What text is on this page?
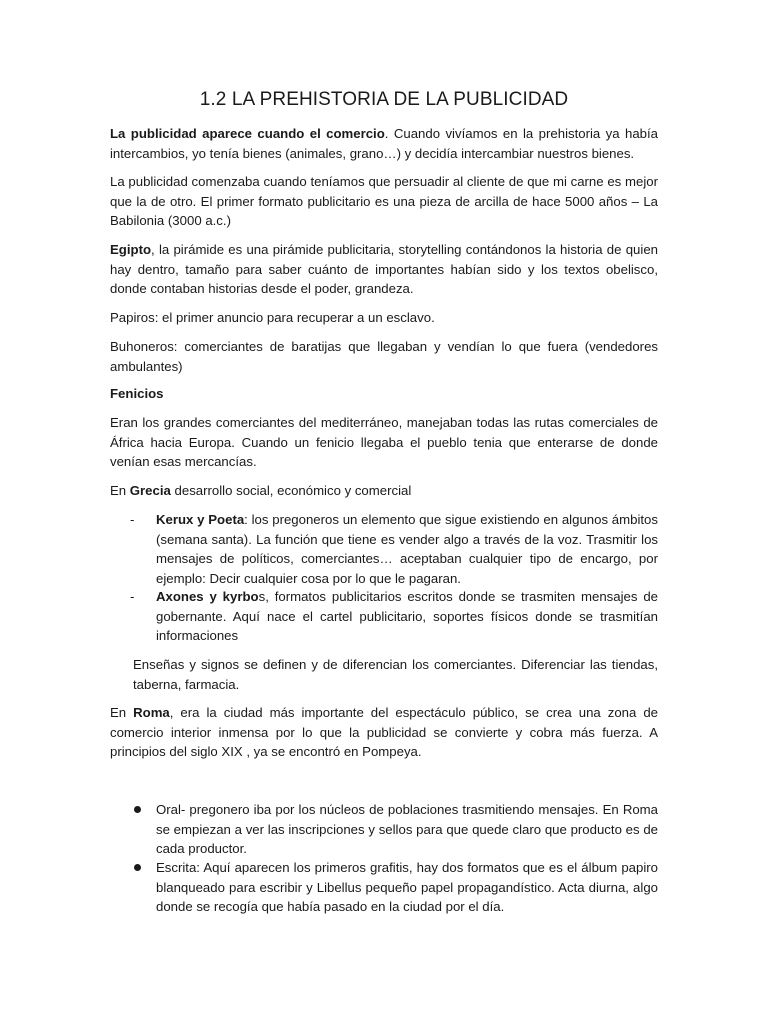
1.2 LA PREHISTORIA DE LA PUBLICIDAD

La publicidad aparece cuando el comercio. Cuando vivíamos en la prehistoria ya había intercambios, yo tenía bienes (animales, grano…) y decidía intercambiar nuestros bienes.

La publicidad comenzaba cuando teníamos que persuadir al cliente de que mi carne es mejor que la de otro. El primer formato publicitario es una pieza de arcilla de hace 5000 años – La Babilonia (3000 a.c.)

Egipto, la pirámide es una pirámide publicitaria, storytelling contándonos la historia de quien hay dentro, tamaño para saber cuánto de importantes habían sido y los textos obelisco, donde contaban historias desde el poder, grandeza.

Papiros: el primer anuncio para recuperar a un esclavo.

Buhoneros: comerciantes de baratijas que llegaban y vendían lo que fuera (vendedores ambulantes)

Fenicios

Eran los grandes comerciantes del mediterráneo, manejaban todas las rutas comerciales de África hacia Europa. Cuando un fenicio llegaba el pueblo tenia que enterarse de donde venían esas mercancías.

En Grecia desarrollo social, económico y comercial

- Kerux y Poeta: los pregoneros un elemento que sigue existiendo en algunos ámbitos (semana santa). La función que tiene es vender algo a través de la voz. Trasmitir los mensajes de políticos, comerciantes… aceptaban cualquier tipo de encargo, por ejemplo: Decir cualquier cosa por lo que le pagaran.
- Axones y kyrbos, formatos publicitarios escritos donde se trasmiten mensajes de gobernante. Aquí nace el cartel publicitario, soportes físicos donde se trasmitían informaciones

Enseñas y signos se definen y de diferencian los comerciantes. Diferenciar las tiendas, taberna, farmacia.

En Roma, era la ciudad más importante del espectáculo público, se crea una zona de comercio interior inmensa por lo que la publicidad se convierte y cobra más fuerza. A principios del siglo XIX , ya se encontró en Pompeya.

Oral- pregonero iba por los núcleos de poblaciones trasmitiendo mensajes. En Roma se empiezan a ver las inscripciones y sellos para que quede claro que producto es de cada productor.
Escrita: Aquí aparecen los primeros grafitis, hay dos formatos que es el álbum papiro blanqueado para escribir y Libellus pequeño papel propagandístico. Acta diurna, algo donde se recogía que había pasado en la ciudad por el día.
